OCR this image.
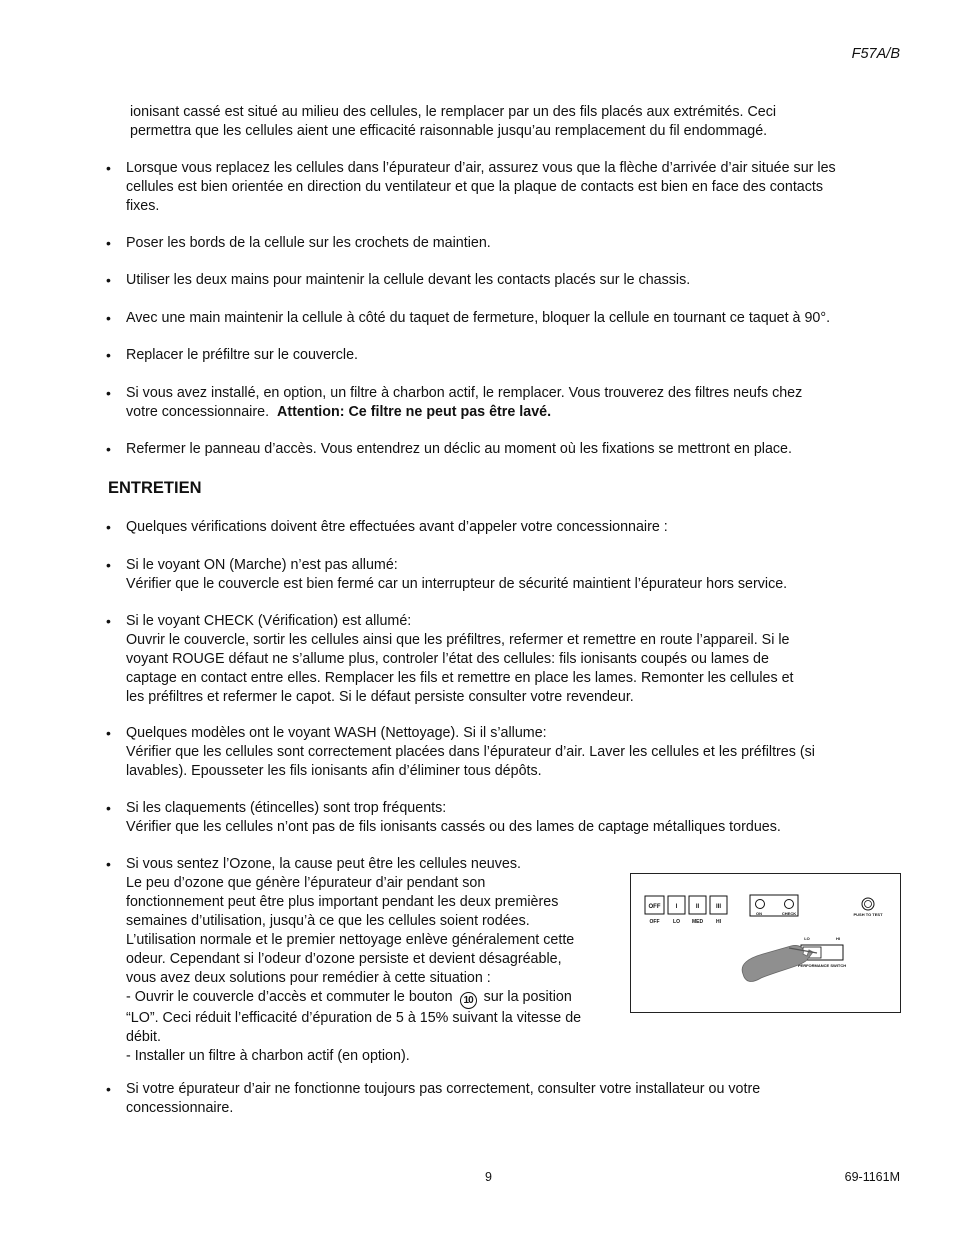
F57A/B
ionisant cassé est situé au milieu des cellules, le remplacer par un des fils placés aux extrémités. Ceci
permettra que les cellules aient une efficacité raisonnable jusqu’au remplacement du fil endommagé.
• Lorsque vous replacez les cellules dans l’épurateur d’air, assurez vous que la flèche d’arrivée d’air située sur les
cellules est bien orientée en direction du ventilateur et que la plaque de contacts est bien en face des contacts
fixes.
• Poser les bords de la cellule sur les crochets de maintien.
• Utiliser les deux mains pour maintenir la cellule devant les contacts placés sur le chassis.
• Avec une main maintenir la cellule à côté du taquet de fermeture, bloquer la cellule en tournant ce taquet à 90°.
• Replacer le préfiltre sur le couvercle.
• Si vous avez installé, en option, un filtre à charbon actif, le remplacer. Vous trouverez des filtres neufs chez
votre concessionnaire.  Attention: Ce filtre ne peut pas être lavé.
• Refermer le panneau d’accès. Vous entendrez un déclic au moment où les fixations se mettront en place.
ENTRETIEN
• Quelques vérifications doivent être effectuées avant d’appeler votre concessionnaire :
• Si le voyant ON (Marche) n’est pas allumé:
Vérifier que le couvercle est bien fermé car un interrupteur de sécurité maintient l’épurateur hors service.
• Si le voyant CHECK (Vérification) est allumé:
Ouvrir le couvercle, sortir les cellules ainsi que les préfiltres, refermer et remettre en route l’appareil. Si le
voyant ROUGE défaut ne s’allume plus, controler l’état des cellules: fils ionisants coupés ou lames de
captage en contact entre elles. Remplacer les fils et remettre en place les lames. Remonter les cellules et
les préfiltres et refermer le capot. Si le défaut persiste consulter votre revendeur.
• Quelques modèles ont le voyant WASH (Nettoyage). Si il s’allume:
Vérifier que les cellules sont correctement placées dans l’épurateur d’air. Laver les cellules et les préfiltres (si
lavables). Epousseter les fils ionisants afin d’éliminer tous dépôts.
• Si les claquements (étincelles) sont trop fréquents:
Vérifier que les cellules n’ont pas de fils ionisants cassés ou des lames de captage métalliques tordues.
• Si vous sentez l’Ozone, la cause peut être les cellules neuves.
Le peu d’ozone que génère l’épurateur d’air pendant son
fonctionnement peut être plus important pendant les deux premières
semaines d’utilisation, jusqu’à ce que les cellules soient rodées.
L’utilisation normale et le premier nettoyage enlève généralement cette
odeur. Cependant si l’odeur d’ozone persiste et devient désagréable,
vous avez deux solutions pour remédier à cette situation :
- Ouvrir le couvercle d’accès et commuter le bouton 10 sur la position
“LO”. Ceci réduit l’efficacité d’épuration de 5 à 15% suivant la vitesse de
débit.
- Installer un filtre à charbon actif (en option).
OFF	I	II	III
OFF	LO MED	HI
ON	CHECK	PUSH TO TEST
LO	HI
PERFORMANCE SWITCH
• Si votre épurateur d’air ne fonctionne toujours pas correctement, consulter votre installateur ou votre
concessionnaire.
9	69-1161M
